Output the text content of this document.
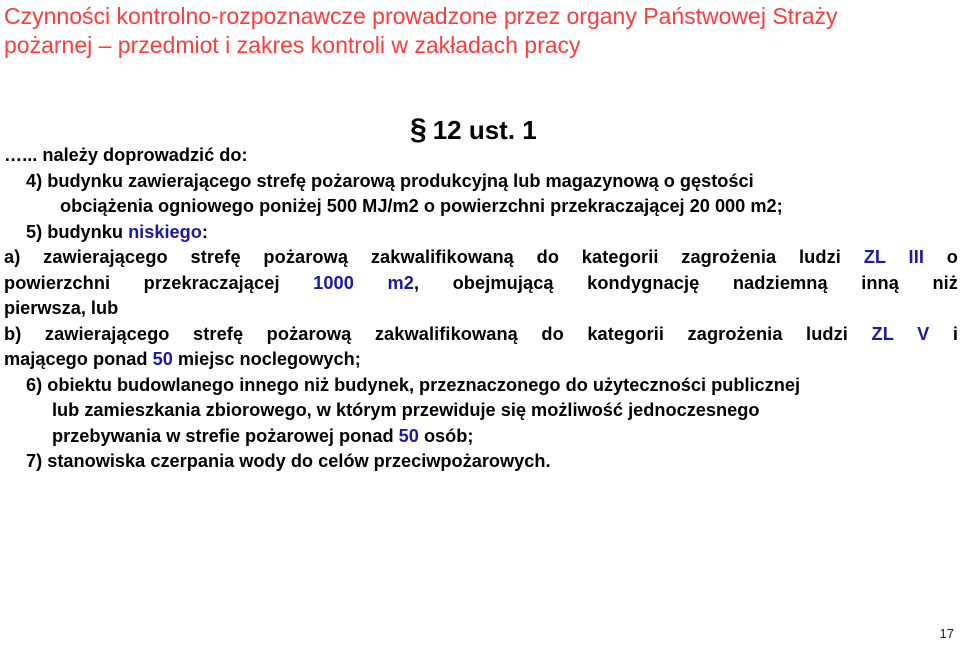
Czynności kontrolno-rozpoznawcze prowadzone przez organy Państwowej Straży
pożarnej – przedmiot i zakres kontroli w zakładach pracy
§ 12 ust. 1
…... należy doprowadzić do:
4) budynku zawierającego strefę pożarową produkcyjną lub magazynową o gęstości
obciążenia ogniowego poniżej 500 MJ/m2 o powierzchni przekraczającej 20 000 m2;
5) budynku niskiego:
a) zawierającego strefę pożarową zakwalifikowaną do kategorii zagrożenia ludzi ZL III o
powierzchni przekraczającej 1000 m2, obejmującą kondygnację nadziemną inną niż
pierwsza, lub
b) zawierającego strefę pożarową zakwalifikowaną do kategorii zagrożenia ludzi ZL V i
mającego ponad 50 miejsc noclegowych;
6) obiektu budowlanego innego niż budynek, przeznaczonego do użyteczności publicznej
lub zamieszkania zbiorowego, w którym przewiduje się możliwość jednoczesnego
przebywania w strefie pożarowej ponad 50 osób;
7) stanowiska czerpania wody do celów przeciwpożarowych.
17
